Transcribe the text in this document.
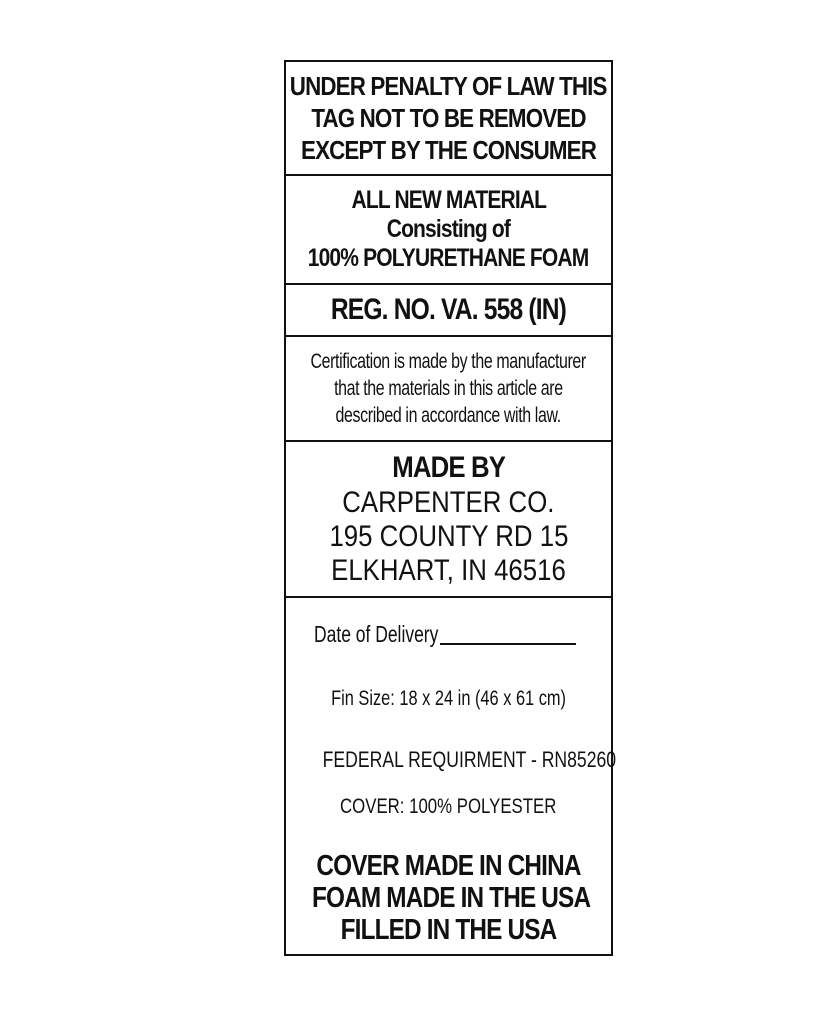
UNDER PENALTY OF LAW THIS
TAG NOT TO BE REMOVED
EXCEPT BY THE CONSUMER
ALL NEW MATERIAL
Consisting of
100% POLYURETHANE FOAM
REG. NO. VA. 558 (IN)
Certification is made by the manufacturer
that the materials in this article are
described in accordance with law.
MADE BY
CARPENTER CO.
195 COUNTY RD 15
ELKHART, IN 46516
Date of Delivery
Fin Size: 18 x 24 in (46 x 61 cm)
FEDERAL REQUIRMENT - RN85260
COVER: 100% POLYESTER
COVER MADE IN CHINA
FOAM MADE IN THE USA
FILLED IN THE USA
